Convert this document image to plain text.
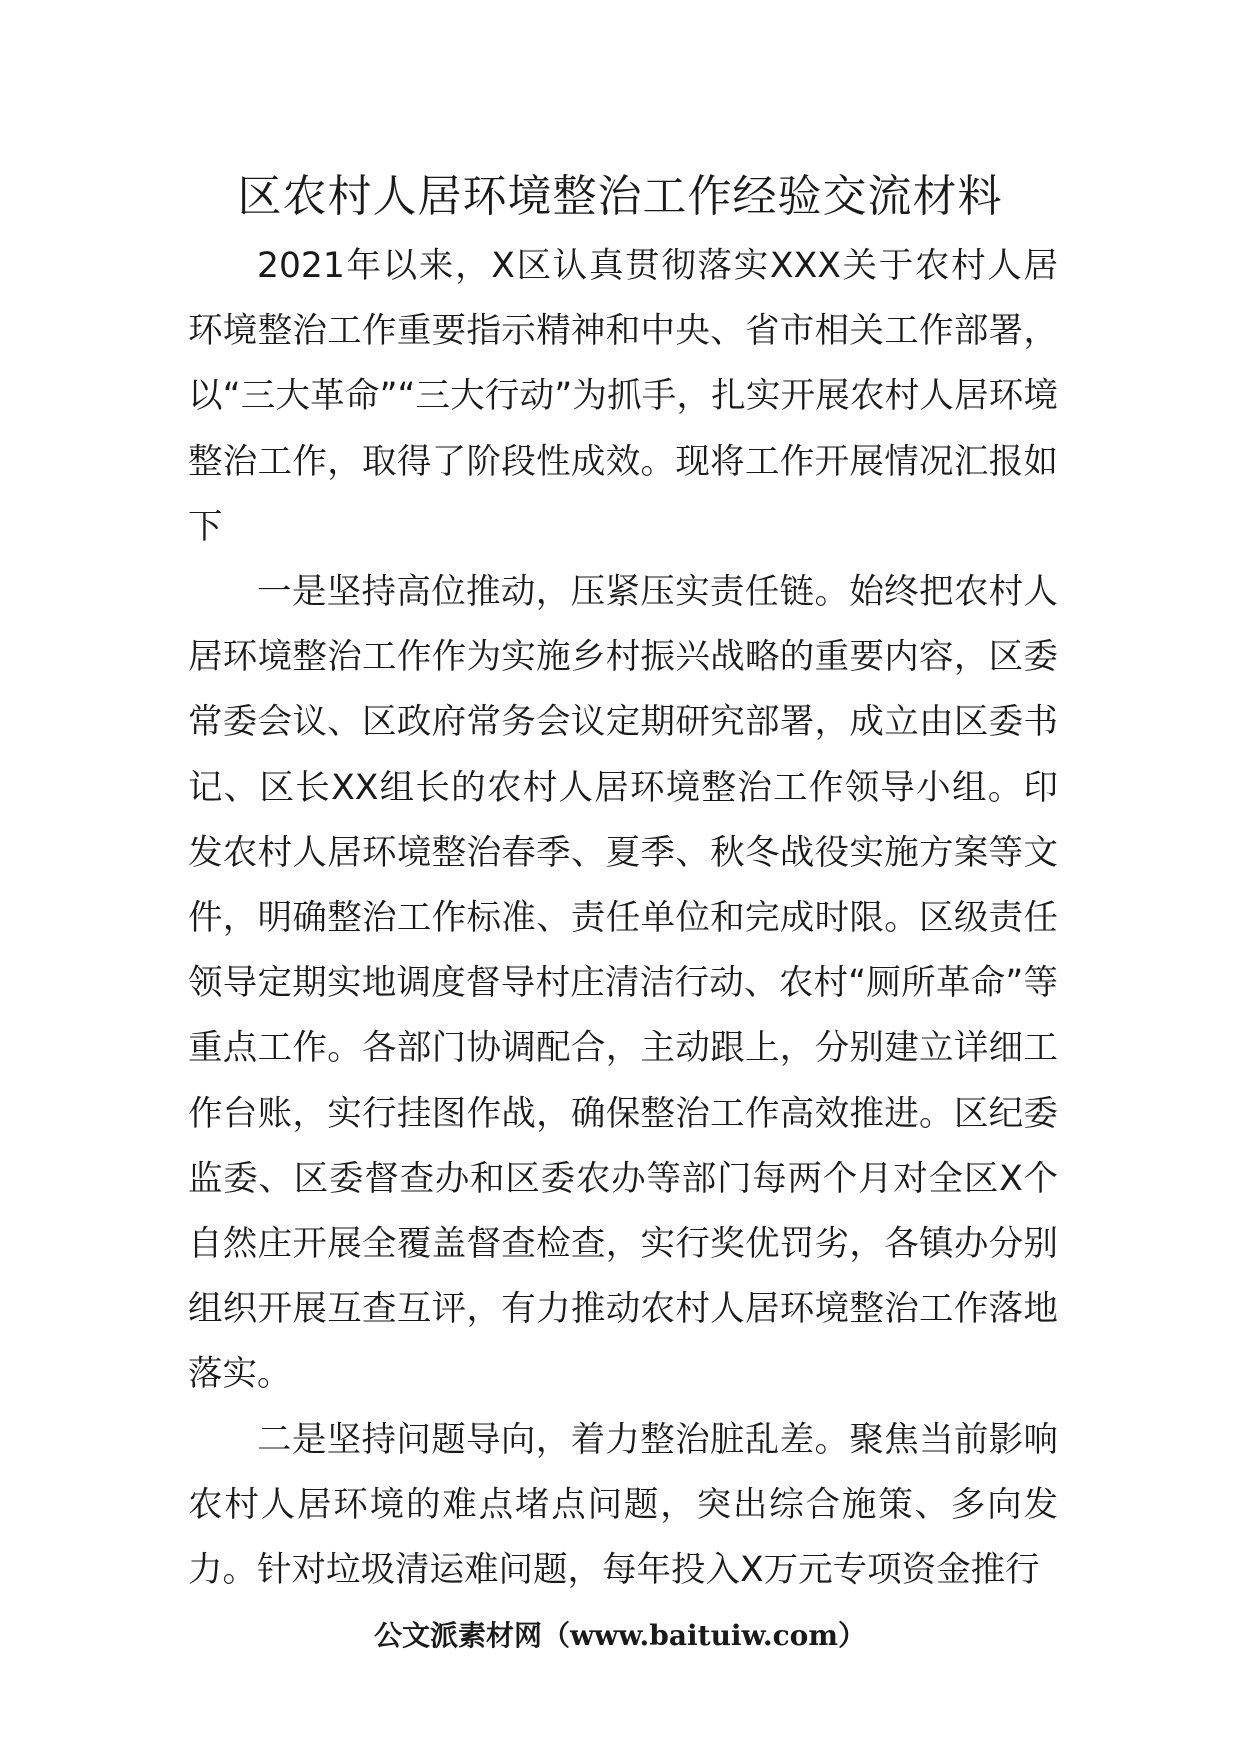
区农村人居环境整治工作经验交流材料

2021年以来，X区认真贯彻落实XXX关于农村人居环境整治工作重要指示精神和中央、省市相关工作部署，以“三大革命”“三大行动”为抓手，扎实开展农村人居环境整治工作，取得了阶段性成效。现将工作开展情况汇报如下

一是坚持高位推动，压紧压实责任链。始终把农村人居环境整治工作作为实施乡村振兴战略的重要内容，区委常委会议、区政府常务会议定期研究部署，成立由区委书记、区长XX组长的农村人居环境整治工作领导小组。印发农村人居环境整治春季、夏季、秋冬战役实施方案等文件，明确整治工作标准、责任单位和完成时限。区级责任领导定期实地调度督导村庄清洁行动、农村“厕所革命”等重点工作。各部门协调配合，主动跟上，分别建立详细工作台账，实行挂图作战，确保整治工作高效推进。区纪委监委、区委督查办和区委农办等部门每两个月对全区X个自然庄开展全覆盖督查检查，实行奖优罚劣，各镇办分别组织开展互查互评，有力推动农村人居环境整治工作落地落实。

二是坚持问题导向，着力整治脏乱差。聚焦当前影响农村人居环境的难点堵点问题，突出综合施策、多向发力。针对垃圾清运难问题，每年投入X万元专项资金推行

公文派素材网（www.baituiw.com）
